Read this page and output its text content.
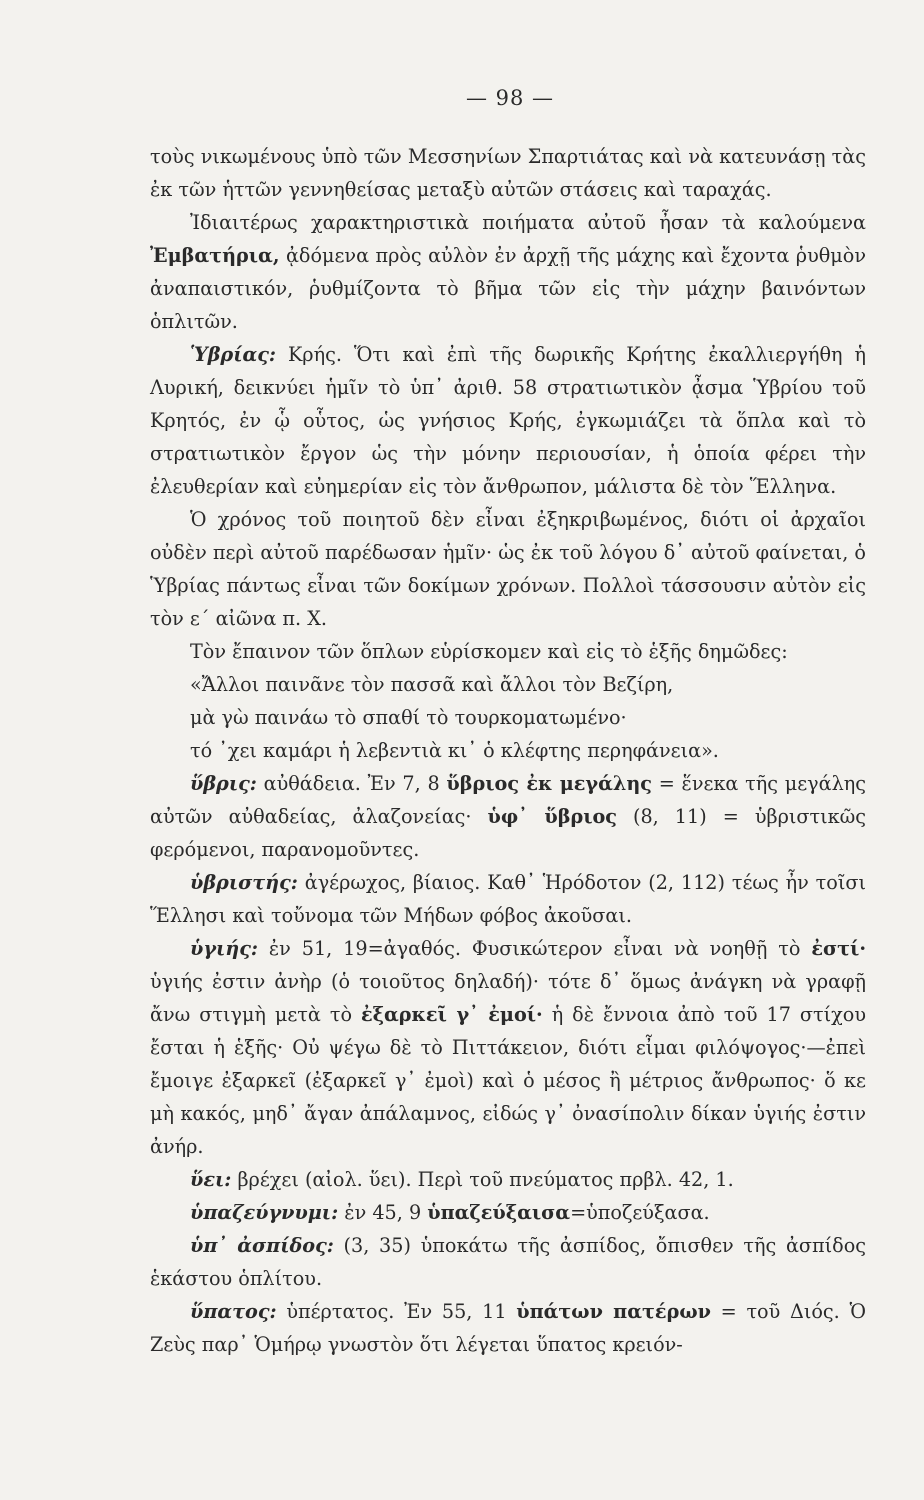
— 98 —

τοὺς νικωμένους ὑπὸ τῶν Μεσσηνίων Σπαρτιάτας καὶ νὰ κατευνάσῃ τὰς ἐκ τῶν ἡττῶν γεννηθείσας μεταξὺ αὐτῶν στάσεις καὶ ταραχάς.

Ἰδιαιτέρως χαρακτηριστικὰ ποιήματα αὐτοῦ ἦσαν τὰ καλούμενα Ἐμβατήρια, ᾀδόμενα πρὸς αὐλὸν ἐν ἀρχῇ τῆς μάχης καὶ ἔχοντα ῥυθμὸν ἀναπαιστικόν, ῥυθμίζοντα τὸ βῆμα τῶν εἰς τὴν μάχην βαινόντων ὁπλιτῶν.

Ὑβρίας: Κρής. Ὅτι καὶ ἐπὶ τῆς δωρικῆς Κρήτης ἐκαλλιεργήθη ἡ Λυρική, δεικνύει ἡμῖν τὸ ὑπ᾿ ἀριθ. 58 στρατιωτικὸν ᾆσμα Ὑβρίου τοῦ Κρητός, ἐν ᾧ οὗτος, ὡς γνήσιος Κρής, ἐγκωμιάζει τὰ ὅπλα καὶ τὸ στρατιωτικὸν ἔργον ὡς τὴν μόνην περιουσίαν, ἡ ὁποία φέρει τὴν ἐλευθερίαν καὶ εὐημερίαν εἰς τὸν ἄνθρωπον, μάλιστα δὲ τὸν Ἕλληνα.

Ὁ χρόνος τοῦ ποιητοῦ δὲν εἶναι ἐξηκριβωμένος, διότι οἱ ἀρχαῖοι οὐδὲν περὶ αὐτοῦ παρέδωσαν ἡμῖν· ὡς ἐκ τοῦ λόγου δ᾿ αὐτοῦ φαίνεται, ὁ Ὑβρίας πάντως εἶναι τῶν δοκίμων χρόνων. Πολλοὶ τάσσουσιν αὐτὸν εἰς τὸν ε΄ αἰῶνα π. Χ.

Τὸν ἔπαινον τῶν ὅπλων εὑρίσκομεν καὶ εἰς τὸ ἑξῆς δημῶδες:

«Ἄλλοι παινᾶνε τὸν πασσᾶ καὶ ἄλλοι τὸν Βεζίρη,

μὰ γὼ παινάω τὸ σπαθί τὸ τουρκοματωμένο·

τό ᾿χει καμάρι ἡ λεβεντιὰ κι᾿ ὁ κλέφτης περηφάνεια».

ὕβρις: αὐθάδεια. Ἐν 7, 8 ὕβριος ἐκ μεγάλης = ἕνεκα τῆς μεγάλης αὐτῶν αὐθαδείας, ἀλαζονείας· ὑφ᾿ ὕβριος (8, 11) = ὑβριστικῶς φερόμενοι, παρανομοῦντες.

ὑβριστής: ἀγέρωχος, βίαιος. Καθ᾿ Ἡρόδοτον (2, 112) τέως ἦν τοῖσι Ἕλλησι καὶ τοὔνομα τῶν Μήδων φόβος ἀκοῦσαι.

ὑγιής: ἐν 51, 19=ἀγαθός. Φυσικώτερον εἶναι νὰ νοηθῇ τὸ ἐστί· ὑγιής ἐστιν ἀνὴρ (ὁ τοιοῦτος δηλαδή)· τότε δ᾿ ὅμως ἀνάγκη νὰ γραφῇ ἄνω στιγμὴ μετὰ τὸ ἐξαρκεῖ γ᾿ ἐμοί· ἡ δὲ ἔννοια ἀπὸ τοῦ 17 στίχου ἔσται ἡ ἑξῆς· Οὐ ψέγω δὲ τὸ Πιττάκειον, διότι εἶμαι φιλόψογος·—ἐπεὶ ἔμοιγε ἐξαρκεῖ (ἐξαρκεῖ γ᾿ ἐμοὶ) καὶ ὁ μέσος ἢ μέτριος ἄνθρωπος· ὅ κε μὴ κακός, μηδ᾿ ἄγαν ἀπάλαμνος, εἰδώς γ᾿ ὀνασίπολιν δίκαν ὑγιής ἐστιν ἀνήρ.

ὕει: βρέχει (αἰολ. ὕει). Περὶ τοῦ πνεύματος πρβλ. 42, 1.

ὑπαζεύγνυμι: ἐν 45, 9 ὑπαζεύξαισα=ὑποζεύξασα.

ὑπ᾿ ἀσπίδος: (3, 35) ὑποκάτω τῆς ἀσπίδος, ὄπισθεν τῆς ἀσπίδος ἑκάστου ὁπλίτου.

ὕπατος: ὑπέρτατος. Ἐν 55, 11 ὑπάτων πατέρων = τοῦ Διός. Ὁ Ζεὺς παρ᾿ Ὁμήρῳ γνωστὸν ὅτι λέγεται ὕπατος κρειόν-
